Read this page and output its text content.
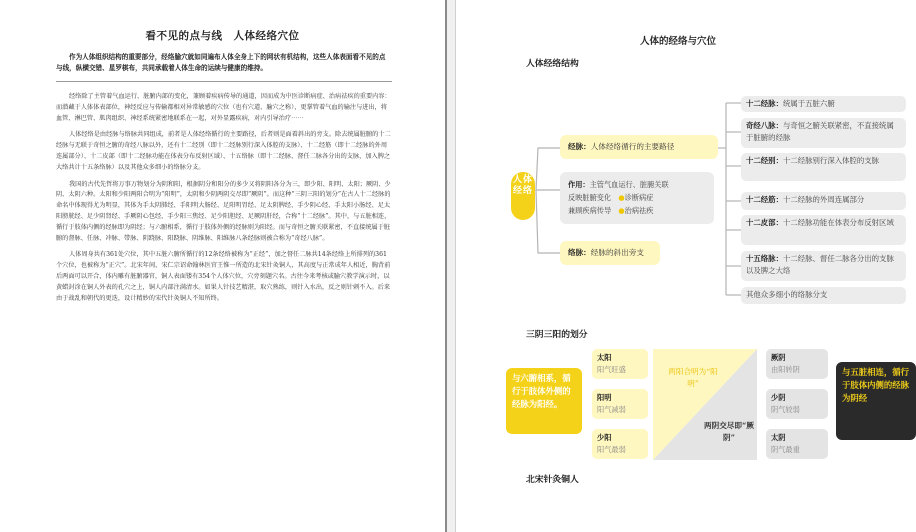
看不见的点与线　人体经络穴位
作为人体组织结构的重要部分，经络腧穴就如同遍布人体全身上下的网状有机结构，这些人体表面看不见的点与线，纵横交错、星罗棋布，共同承载着人体生命的运续与健康的维持。

经络除了主管着气血运行、脏腑内部的变化，兼顾着疾病传导的通道，因而成为中医诊断病症、治病祛疾的重要内容：而潜藏于人体体表部位，神经反应与传输都相对异常敏感的穴位（也有穴道、腧穴之称），更掌管着气血的输注与进出，将血管、淋巴管、肌肉组织、神经系统紧密地联系在一起，对外显露疾病，对内引导治疗⋯⋯

人体经络是由经脉与络脉共同组成，前者是人体经络循行的主要路径，后者则是面着斜出的旁支。除去统属脏腑的十二经脉与无联于奇恒之腑的奇经八脉以外，还有十二经别（即十二经脉别行深入体腔的支脉）、十二经筋（即十二经脉的外周连属部分）、十二皮部（即十二经脉功能在体表分布反射区域）、十五络脉（即十二经脉、督任二脉各分出的支脉，加入脾之大络共计十五条络脉）以及其他众多细小的络脉分支。

我国的古代先哲将万事万物划分为阴和阳，根据阴分和阳分的多少又将阴阳各分为三，即少阳、阳明、太阳；厥阴、少阴、太阴六种。太阳和少阳两阳合明为“阳明”，太阴和少阴两阴交尽即“厥阴”。而这种“三阴三阳的划分”在古人十二经脉的命名中体现得尤为明显，其体为手太阴肺经、手阳明大肠经、足阳明胃经、足太阴脾经、手少阴心经、手太阳小肠经、足太阳膀胱经、足少阴肾经、手厥阴心包经、手少阳三焦经、足少阳胆经、足厥阴肝经，合称“十二经脉”。其中，与五脏相连，循行于肢体内侧的经脉即为阴经；与六腑相系，循行于肢体外侧的经脉则为阳经。而与奇恒之腑关联紧密，不直接统属于脏腑的督脉、任脉、冲脉、带脉、阴跷脉、阳跷脉、阴维脉、阳维脉八条经脉则被合称为“奇经八脉”。

人体周身共有361处穴位，其中五脏六腑所循行的12条经络被称为“正经”，加之督任二脉共14条经络上所排列的361个穴位，也被称为“正穴”。北宋年间，宋仁宗诏命翰林医官王惟一所造的北宋针灸铜人，其高度与正常成年人相近，胸背前后两面可以开合，体内雕有脏腑器官，铜人表面镂有354个人体穴位，穴旁刻题穴名。古往今来考核或腧穴教学演示时，以黄蜡封涂在铜人外表的孔穴之上，铜人内部注满清水。如果人针技艺精湛，取穴熟练，则针入水出，反之则针刺不入。后来由于战乱和朝代的更迭，设计精妙的宋代针灸铜人不知所终。

人体的经络与穴位
人体经络结构
人体经络
经脉：人体经络循行的主要路径
作用：主管气血运行、脏腑关联
反映脏腑变化　 ●诊断病症
兼顾疾病传导　 ●治病祛疾
络脉：经脉的斜出旁支
十二经脉：统属于五脏六腑
奇经八脉：与奇恒之腑关联紧密，不直接统属于脏腑的经脉
十二经别：十二经脉别行深入体腔的支脉
十二经筋：十二经脉的外周连属部分
十二皮部：十二经脉功能在体表分布反射区域
十五络脉：十二经脉、督任二脉各分出的支脉以及脾之大络
其他众多细小的络脉分支
三阴三阳的划分
与六腑相系，循行于肢体外侧的经脉为阳经。
太阳
阳气旺盛
阳明
阳气减弱
少阳
阳气最弱
两阳合明为“阳明”
两阴交尽即“厥阴”
厥阴
由阳转阴
少阴
阴气较弱
太阴
阴气最重
与五脏相连，循行于肢体内侧的经脉为阴经
北宋针灸铜人
